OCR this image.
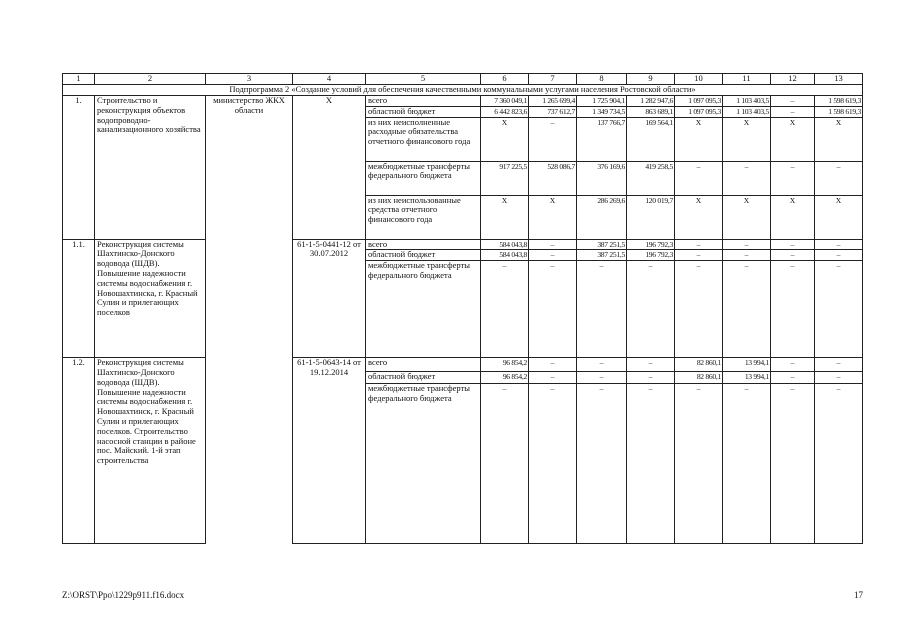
1	2	3	4	5	6	7	8	9	10	11	12	13
Подпрограмма 2 «Создание условий для обеспечения качественными коммунальными услугами населения Ростовской области»												
1.	Строительство и реконструкция объектов водопроводно-канализационного хозяйства	министерство ЖКХ области	X	всего	7 360 049,1	1 265 699,4	1 725 904,1	1 282 947,6	1 097 095,3	1 103 403,5	–	1 598 619,3
				областной бюджет	6 442 823,6	737 612,7	1 349 734,5	863 689,1	1 097 095,3	1 103 403,5	–	1 598 619,3
				из них неисполненные расходные обязательства отчетного финансового года	X	–	137 766,7	169 564,1	X	X	X	X
				межбюджетные трансферты федерального бюджета	917 225,5	528 086,7	376 169,6	419 258,5	–	–	–	–
				из них неиспользованные средства отчетного финансового года	X	X	286 269,6	120 019,7	X	X	X	X
1.1.	Реконструкция системы Шахтинско-Донского водовода (ШДВ). Повышение надежности системы водоснабжения г. Новошахтинска, г. Красный Сулин и прилегающих поселков		61-1-5-0441-12 от 30.07.2012	всего	584 043,8	–	387 251,5	196 792,3	–	–	–	–
				областной бюджет	584 043,8	–	387 251,5	196 792,3	–	–	–	–
				межбюджетные трансферты федерального бюджета	–	–	–	–	–	–	–	–
1.2.	Реконструкция системы Шахтинско-Донского водовода (ШДВ). Повышение надежности системы водоснабжения г. Новошахтинск, г. Красный Сулин и прилегающих поселков. Строительство насосной станции в районе пос. Майский. 1-й этап строительства		61-1-5-0643-14 от 19.12.2014	всего	96 854,2	–	–	–	82 860,1	13 994,1	–	–
				областной бюджет	96 854,2	–	–	–	82 860,1	13 994,1	–	–
				межбюджетные трансферты федерального бюджета	–	–	–	–	–	–	–	–
Z:\ORST\Ppo\1229p911.f16.docx	17
